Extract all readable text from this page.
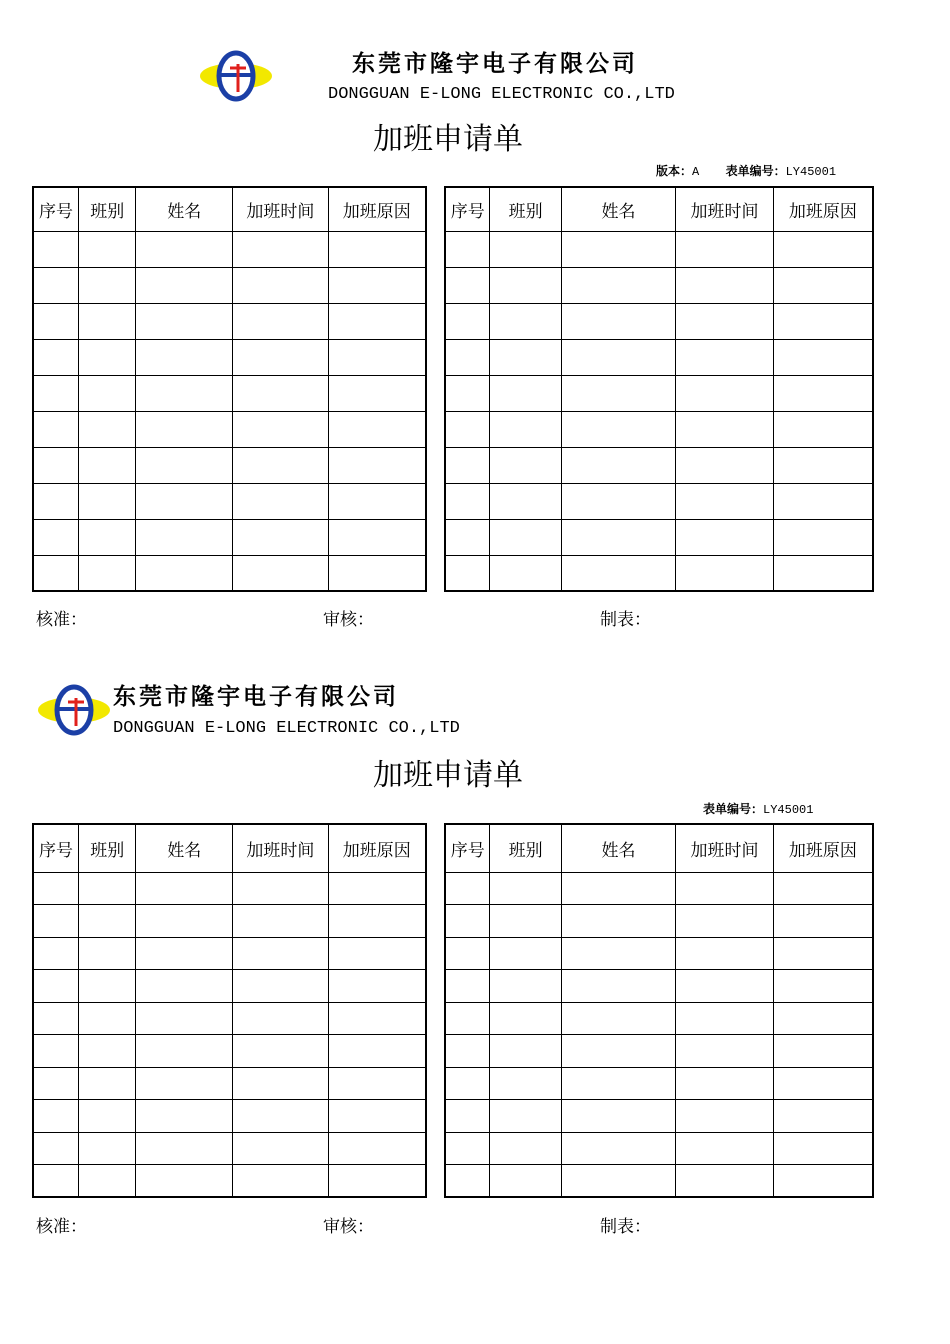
东莞市隆宇电子有限公司
DONGGUAN E-LONG ELECTRONIC CO.,LTD
加班申请单
版本：A 表单编号：LY45001
序号	班别	姓名	加班时间	加班原因

				序号	班别	姓名	加班时间	加班原因

核准：	审核：	制表：
东莞市隆宇电子有限公司
DONGGUAN E-LONG ELECTRONIC CO.,LTD
加班申请单
表单编号：LY45001
序号	班别	姓名	加班时间	加班原因

				序号	班别	姓名	加班时间	加班原因

核准：	审核：	制表：
